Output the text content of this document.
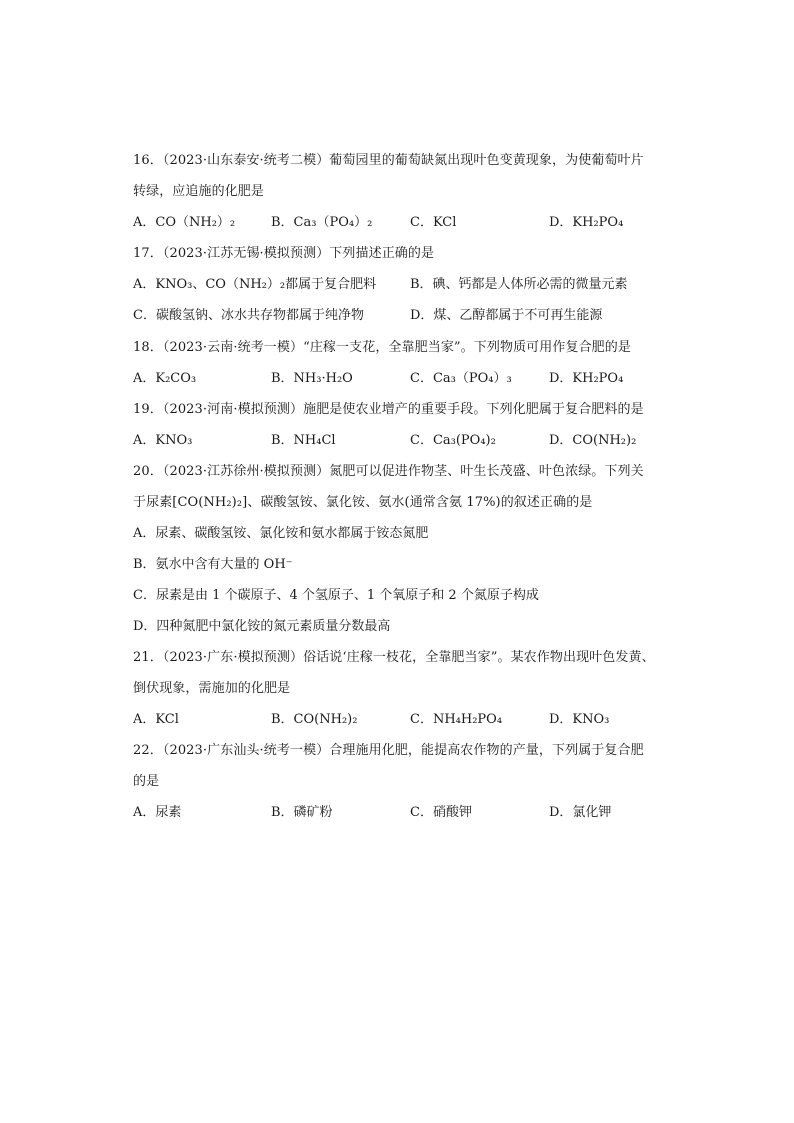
16．（2023·山东泰安·统考二模）葡萄园里的葡萄缺氮出现叶色变黄现象，为使葡萄叶片
转绿，应追施的化肥是
A．CO（NH₂）₂	B．Ca₃（PO₄）₂	C．KCl	D．KH₂PO₄
17．（2023·江苏无锡·模拟预测）下列描述正确的是
A．KNO₃、CO（NH₂）₂都属于复合肥料	B．碘、钙都是人体所必需的微量元素
C．碳酸氢钠、冰水共存物都属于纯净物	D．煤、乙醇都属于不可再生能源
18．（2023·云南·统考一模）“庄稼一支花，全靠肥当家”。下列物质可用作复合肥的是
A．K₂CO₃	B．NH₃·H₂O	C．Ca₃（PO₄）₃	D．KH₂PO₄
19．（2023·河南·模拟预测）施肥是使农业增产的重要手段。下列化肥属于复合肥料的是
A．KNO₃	B．NH₄Cl	C．Ca₃(PO₄)₂	D．CO(NH₂)₂
20．（2023·江苏徐州·模拟预测）氮肥可以促进作物茎、叶生长茂盛、叶色浓绿。下列关
于尿素[CO(NH₂)₂]、碳酸氢铵、氯化铵、氨水(通常含氨 17%)的叙述正确的是
A．尿素、碳酸氢铵、氯化铵和氨水都属于铵态氮肥
B．氨水中含有大量的 OH⁻
C．尿素是由 1 个碳原子、4 个氢原子、1 个氧原子和 2 个氮原子构成
D．四种氮肥中氯化铵的氮元素质量分数最高
21．（2023·广东·模拟预测）俗话说‘庄稼一枝花，全靠肥当家”。某农作物出现叶色发黄、
倒伏现象，需施加的化肥是
A．KCl	B．CO(NH₂)₂	C．NH₄H₂PO₄	D．KNO₃
22．（2023·广东汕头·统考一模）合理施用化肥，能提高农作物的产量，下列属于复合肥
的是
A．尿素	B．磷矿粉	C．硝酸钾	D．氯化钾
